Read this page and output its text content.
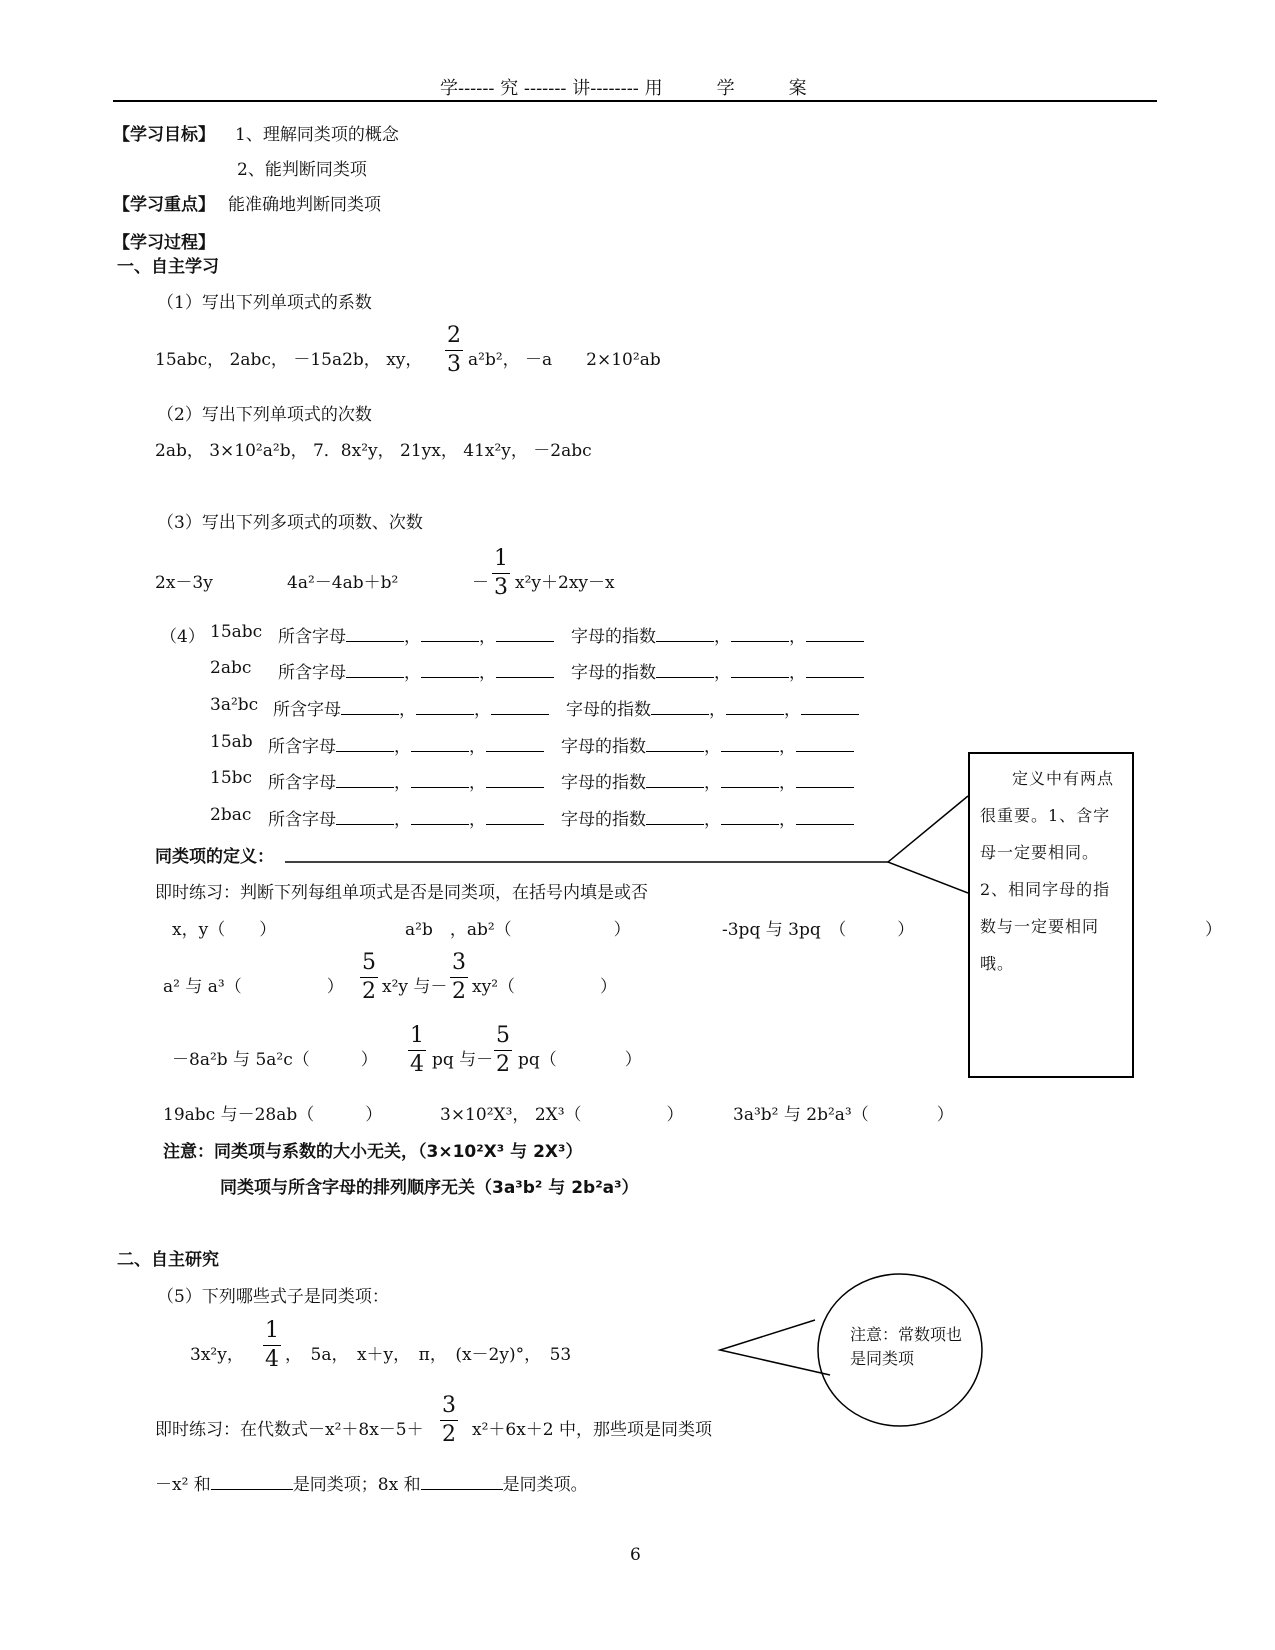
学------ 究 ------- 讲-------- 用　　　学　　　案
【学习目标】 1、理解同类项的概念
2、能判断同类项
【学习重点】 能准确地判断同类项
【学习过程】
一、自主学习
（1）写出下列单项式的系数
15abc， 2abc， －15a2b， xy， $\frac{2}{3} a^2b^2$， －a　　2×10²ab
（2）写出下列单项式的次数
2ab， 3×10²a²b， 7．8x²y， 21yx， 41x²y， －2abc
（3）写出下列多项式的项数、次数
2x－3y	4a²－4ab＋b²	－ $\frac{1}{3} x^2y+2xy-x$
（4） 15abc 所含字母	，	，　	字母的指数	，	，
2abc 所含字母	，	，　	字母的指数	，	，
3a²bc 所含字母	，	，　	字母的指数	，	，
15ab 所含字母	，	，　	字母的指数	，	，
15bc 所含字母	，	，　	字母的指数	，	，
2bac 所含字母	，	，　	字母的指数	，	，
同类项的定义：
定义中有两点很重要。1、含字母一定要相同。2、相同字母的指数与一定要相同哦。
即时练习：判断下列每组单项式是否是同类项，在括号内填是或否
x，y（　　）	a²b　，ab²（　　　　　　）	-3pq 与 3pq　（　　　）	）
a² 与 a³（　　　　　） $\frac{5}{2} x^2y$ 与－ $\frac{3}{2} xy^2$（　　　　　）
－8a²b 与 5a²c（　　　） $\frac{1}{4}$ pq 与－ $\frac{5}{2} pq$（　　　　）
19abc 与－28ab（　　　）	3×10²X³， 2X³（　　　　　）	3a³b² 与 2b²a³（　　　　）
注意：同类项与系数的大小无关，（3×10²X³ 与 2X³）
同类项与所含字母的排列顺序无关（3a³b² 与 2b²a³）
二、自主研究
（5）下列哪些式子是同类项：
3x²y， $\frac{1}{4}$ ，　5a，　x＋y，　π，　(x－2y)°，　53
注意：常数项也是同类项
即时练习：在代数式$-x^2+8x-5+ \frac{3}{2} x^2+6x+2$ 中，那些项是同类项
－x² 和	是同类项；8x 和	是同类项。
6
